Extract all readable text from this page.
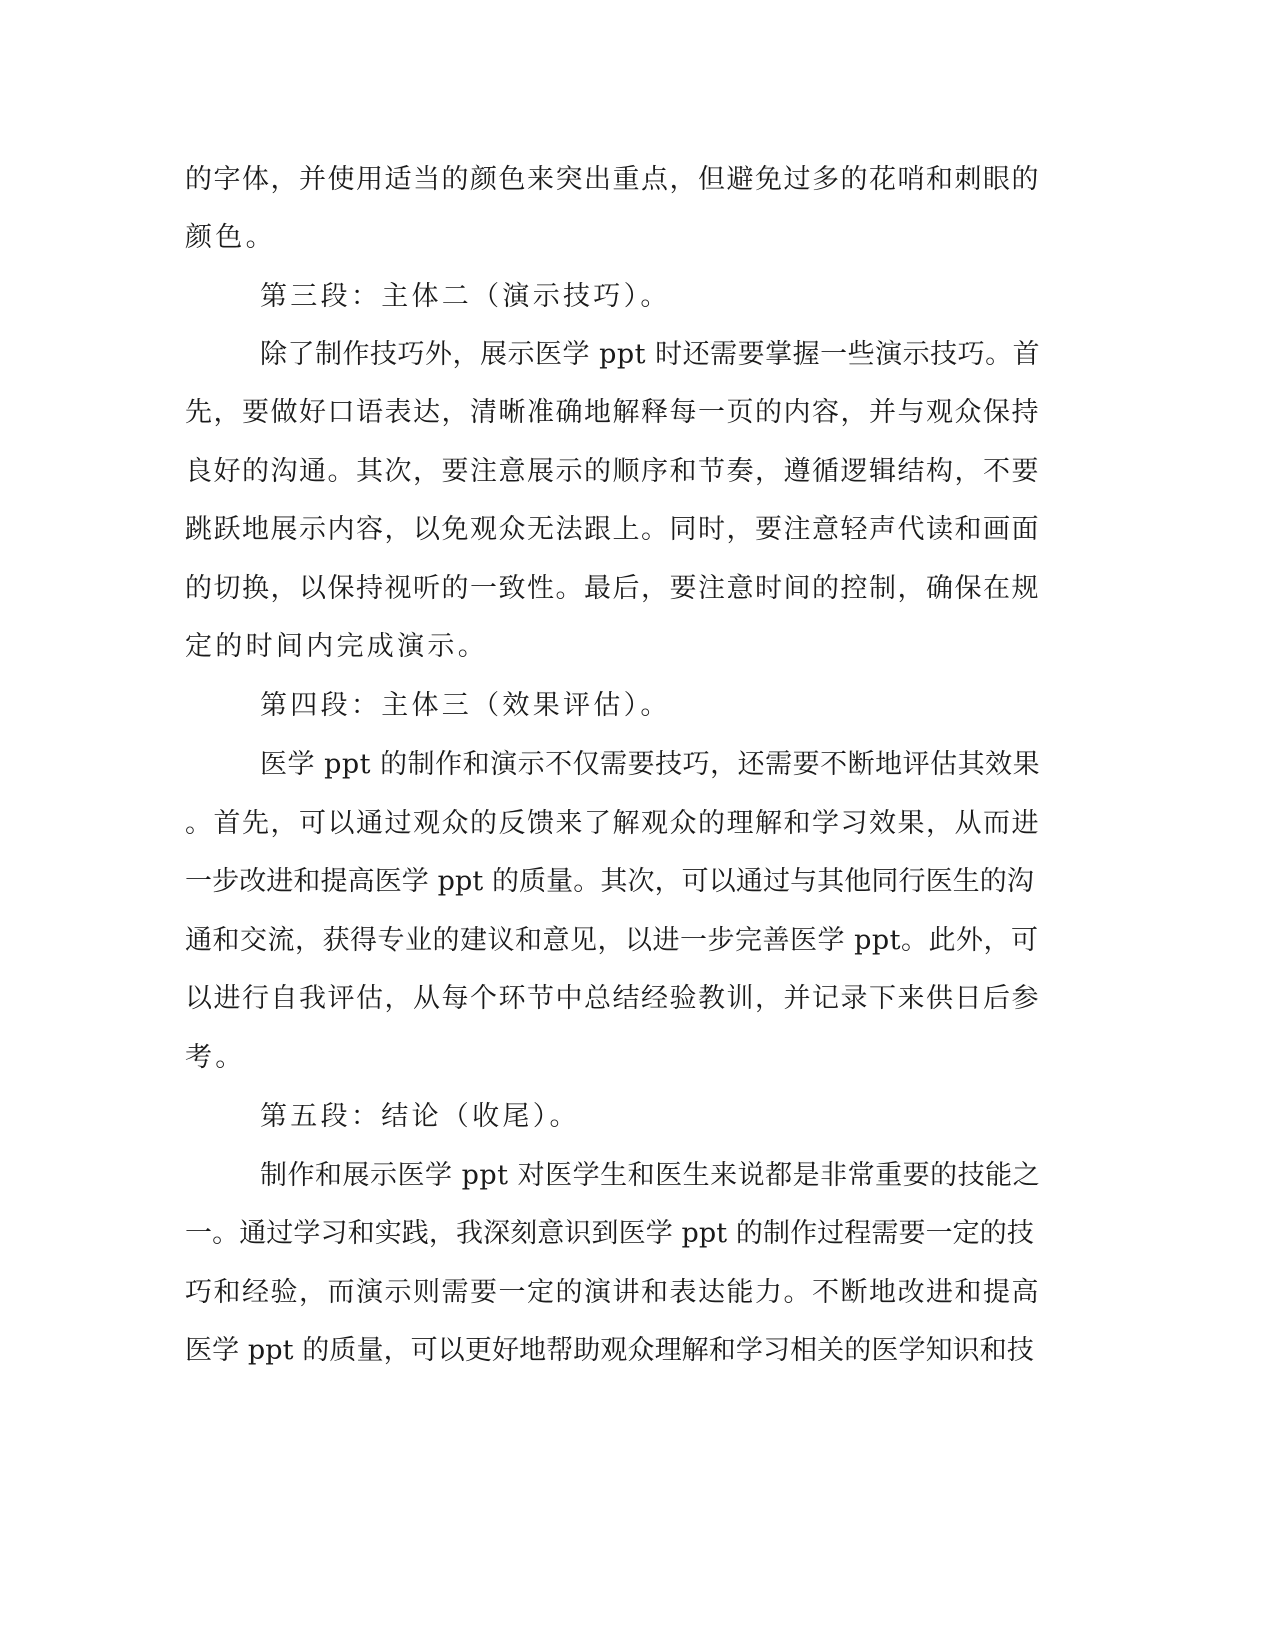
的字体，并使用适当的颜色来突出重点，但避免过多的花哨和刺眼的
颜色。
第三段：主体二（演示技巧）。
除了制作技巧外，展示医学 ppt 时还需要掌握一些演示技巧。首
先，要做好口语表达，清晰准确地解释每一页的内容，并与观众保持
良好的沟通。其次，要注意展示的顺序和节奏，遵循逻辑结构，不要
跳跃地展示内容，以免观众无法跟上。同时，要注意轻声代读和画面
的切换，以保持视听的一致性。最后，要注意时间的控制，确保在规
定的时间内完成演示。
第四段：主体三（效果评估）。
医学 ppt 的制作和演示不仅需要技巧，还需要不断地评估其效果
。首先，可以通过观众的反馈来了解观众的理解和学习效果，从而进
一步改进和提高医学 ppt 的质量。其次，可以通过与其他同行医生的沟
通和交流，获得专业的建议和意见，以进一步完善医学 ppt。此外，可
以进行自我评估，从每个环节中总结经验教训，并记录下来供日后参
考。
第五段：结论（收尾）。
制作和展示医学 ppt 对医学生和医生来说都是非常重要的技能之
一。通过学习和实践，我深刻意识到医学 ppt 的制作过程需要一定的技
巧和经验，而演示则需要一定的演讲和表达能力。不断地改进和提高
医学 ppt 的质量，可以更好地帮助观众理解和学习相关的医学知识和技
